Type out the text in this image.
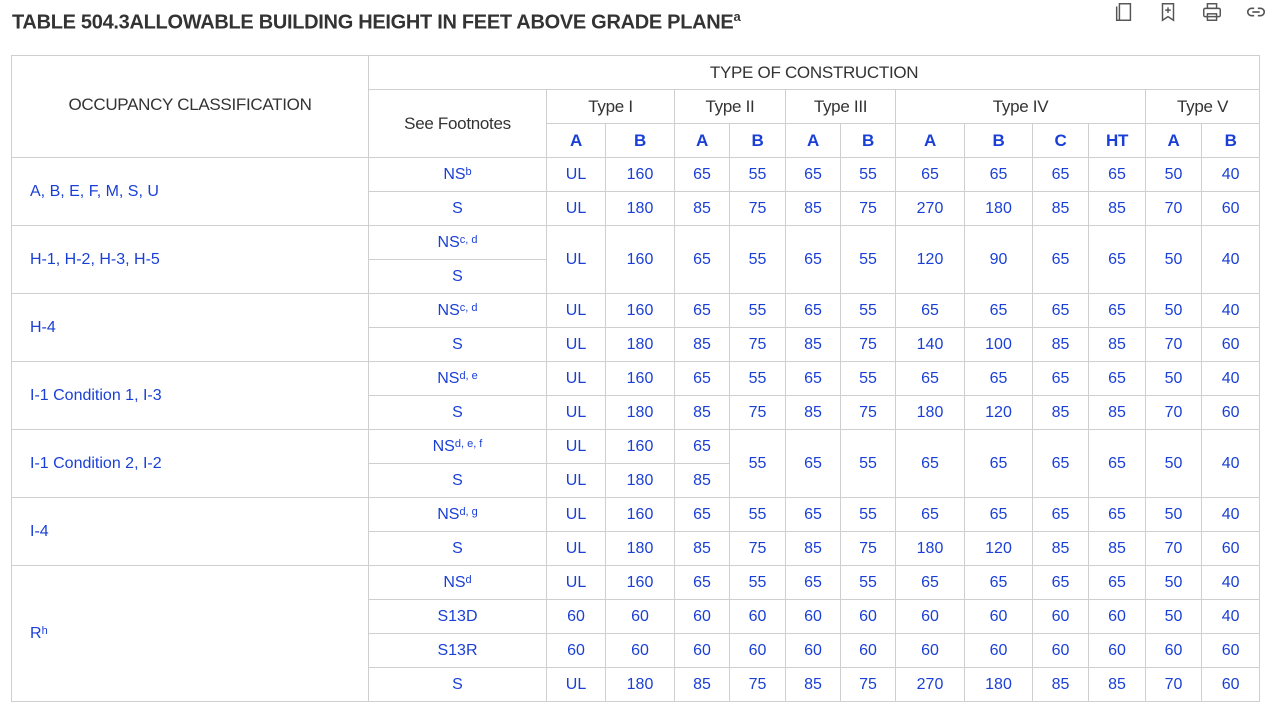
TABLE 504.3ALLOWABLE BUILDING HEIGHT IN FEET ABOVE GRADE PLANE$^a$
OCCUPANCY CLASSIFICATION	TYPE OF CONSTRUCTION												
	See Footnotes	Type I		Type II		Type III		Type IV				Type V	
		A	B	A	B	A	B	A	B	C	HT	A	B
A, B, E, F, M, S, U	$NS^b$	UL	160	65	55	65	55	65	65	65	65	50	40
	S	UL	180	85	75	85	75	270	180	85	85	70	60
H-1, H-2, H-3, H-5	NS$^{c, d}$	UL	160	65	55	65	55	120	90	65	65	50	40
	S												
H-4	NS$^{c, d}$	UL	160	65	55	65	55	65	65	65	65	50	40
	S	UL	180	85	75	85	75	140	100	85	85	70	60
I-1 Condition 1, I-3	NS$^{d, e}$	UL	160	65	55	65	55	65	65	65	65	50	40
	S	UL	180	85	75	85	75	180	120	85	85	70	60
I-1 Condition 2, I-2	NS$^{d, e, f}$	UL	160	65	55	65	55	65	65	65	65	50	40
	S	UL	180	85									
I-4	NS$^{d, g}$	UL	160	65	55	65	55	65	65	65	65	50	40
	S	UL	180	85	75	85	75	180	120	85	85	70	60
$R^h$	$NS^d$	UL	160	65	55	65	55	65	65	65	65	50	40
	S13D	60	60	60	60	60	60	60	60	60	60	50	40
	S13R	60	60	60	60	60	60	60	60	60	60	60	60
	S	UL	180	85	75	85	75	270	180	85	85	70	60
